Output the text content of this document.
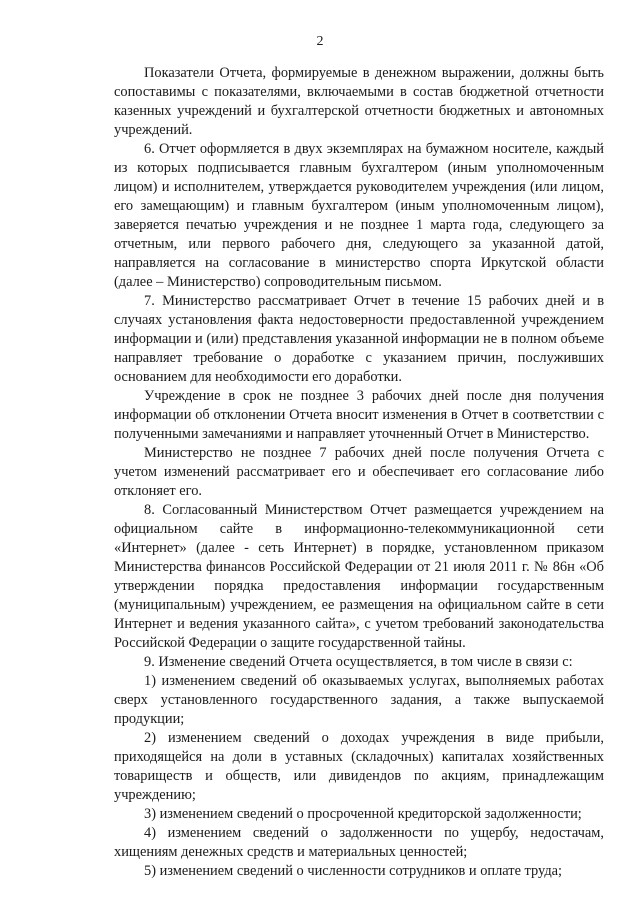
2

Показатели Отчета, формируемые в денежном выражении, должны быть сопоставимы с показателями, включаемыми в состав бюджетной отчетности казенных учреждений и бухгалтерской отчетности бюджетных и автономных учреждений.

6. Отчет оформляется в двух экземплярах на бумажном носителе, каждый из которых подписывается главным бухгалтером (иным уполномоченным лицом) и исполнителем, утверждается руководителем учреждения (или лицом, его замещающим) и главным бухгалтером (иным уполномоченным лицом), заверяется печатью учреждения и не позднее 1 марта года, следующего за отчетным, или первого рабочего дня, следующего за указанной датой, направляется на согласование в министерство спорта Иркутской области (далее – Министерство) сопроводительным письмом.

7. Министерство рассматривает Отчет в течение 15 рабочих дней и в случаях установления факта недостоверности предоставленной учреждением информации и (или) представления указанной информации не в полном объеме направляет требование о доработке с указанием причин, послуживших основанием для необходимости его доработки.

Учреждение в срок не позднее 3 рабочих дней после дня получения информации об отклонении Отчета вносит изменения в Отчет в соответствии с полученными замечаниями и направляет уточненный Отчет в Министерство.

Министерство не позднее 7 рабочих дней после получения Отчета с учетом изменений рассматривает его и обеспечивает его согласование либо отклоняет его.

8. Согласованный Министерством Отчет размещается учреждением на официальном сайте в информационно-телекоммуникационной сети «Интернет» (далее - сеть Интернет) в порядке, установленном приказом Министерства финансов Российской Федерации от 21 июля 2011 г. № 86н «Об утверждении порядка предоставления информации государственным (муниципальным) учреждением, ее размещения на официальном сайте в сети Интернет и ведения указанного сайта», с учетом требований законодательства Российской Федерации о защите государственной тайны.

9. Изменение сведений Отчета осуществляется, в том числе в связи с:

1) изменением сведений об оказываемых услугах, выполняемых работах сверх установленного государственного задания, а также выпускаемой продукции;

2) изменением сведений о доходах учреждения в виде прибыли, приходящейся на доли в уставных (складочных) капиталах хозяйственных товариществ и обществ, или дивидендов по акциям, принадлежащим учреждению;

3) изменением сведений о просроченной кредиторской задолженности;

4) изменением сведений о задолженности по ущербу, недостачам, хищениям денежных средств и материальных ценностей;

5) изменением сведений о численности сотрудников и оплате труда;
